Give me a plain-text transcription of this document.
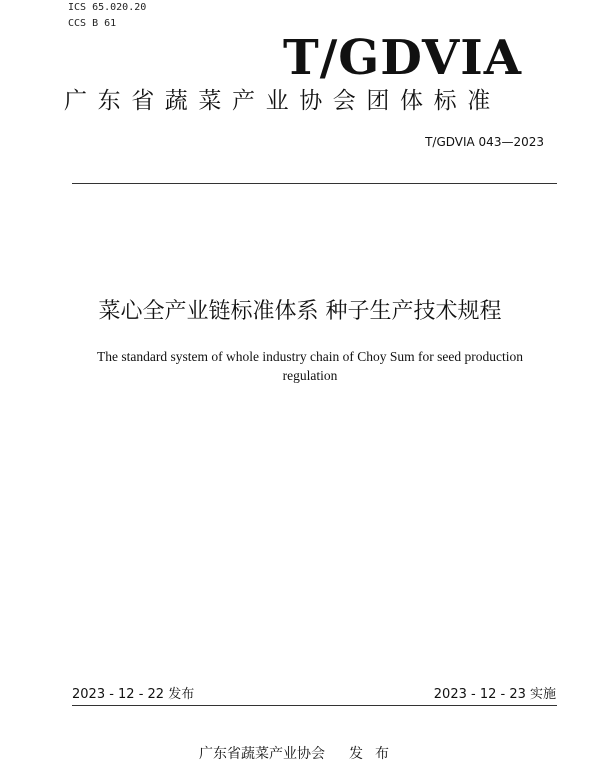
ICS 65.020.20
CCS B 61
T/GDVIA
广东省蔬菜产业协会团体标准
T/GDVIA 043—2023
菜心全产业链标准体系 种子生产技术规程
The standard system of whole industry chain of Choy Sum for seed production regulation
2023 - 12 - 22 发布	2023 - 12 - 23 实施
广东省蔬菜产业协会 发布
